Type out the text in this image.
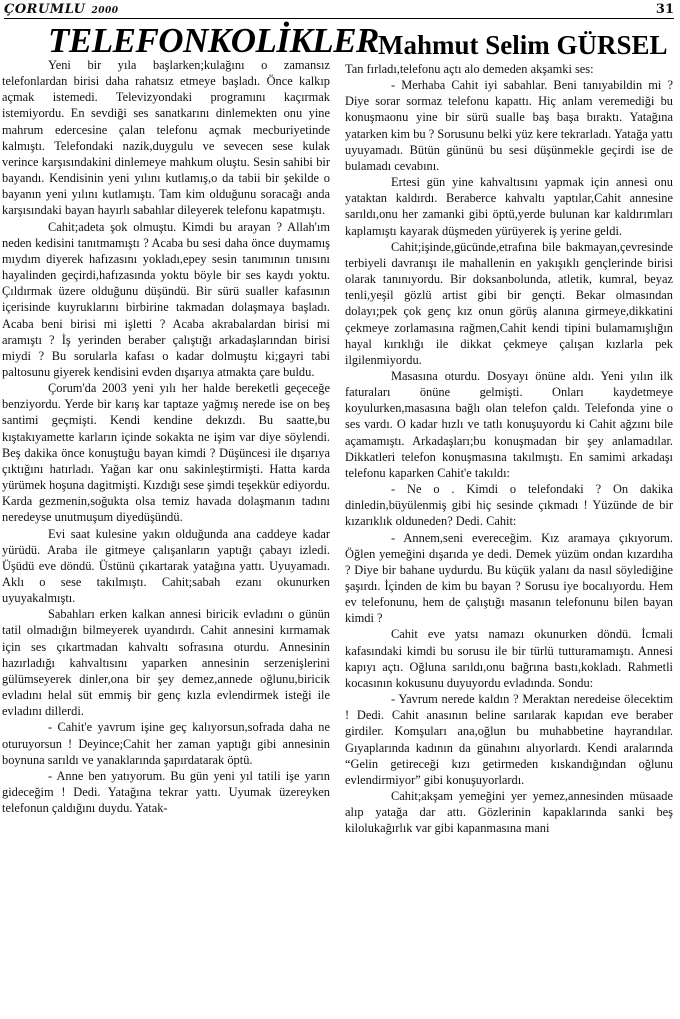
ÇORUMLU 2000	31
TELEFONKOLİKLER Mahmut Selim GÜRSEL

Yeni bir yıla başlarken;kulağını o zamansız telefonlardan birisi daha rahatsız etmeye başladı. Önce kalkıp açmak istemedi. Televizyondaki programını kaçırmak istemiyordu. En sevdiği ses sanatkarını dinlemekten onu yine mahrum edercesine çalan telefonu açmak mecburiyetinde kalmıştı. Telefondaki nazik,duygulu ve sevecen sese kulak verince karşısındakini dinlemeye mahkum oluştu. Sesin sahibi bir bayandı. Kendisinin yeni yılını kutlamış,o da tabii bir şekilde o bayanın yeni yılını kutlamıştı. Tam kim olduğunu soracağı anda karşısındaki bayan hayırlı sabahlar dileyerek telefonu kapatmıştı.

Cahit;adeta şok olmuştu. Kimdi bu arayan ? Allah'ım neden kedisini tanıtmamıştı ? Acaba bu sesi daha önce duymamış mıydım diyerek hafızasını yokladı,epey sesin tanımının tınısını hayalinden geçirdi,hafızasında yoktu böyle bir ses kaydı yoktu. Çıldırmak üzere olduğunu düşündü. Bir sürü sualler kafasının içerisinde kuyruklarını birbirine takmadan dolaşmaya başladı. Acaba beni birisi mi işletti ? Acaba akrabalardan birisi mi aramıştı ? İş yerinden beraber çalıştığı arkadaşlarından birisi miydi ? Bu sorularla kafası o kadar dolmuştu ki;gayri tabi paltosunu giyerek kendisini evden dışarıya atmakta çare buldu.

Çorum'da 2003 yeni yılı her halde bereketli geçeceğe benziyordu. Yerde bir karış kar taptaze yağmış nerede ise on beş santimi geçmişti. Kendi kendine dekızdı. Bu saatte,bu kıştakıyamette karların içinde sokakta ne işim var diye söylendi. Beş dakika önce konuştuğu bayan kimdi ? Düşüncesi ile dışarıya çıktığını hatırladı. Yağan kar onu sakinleştirmişti. Hatta karda yürümek hoşuna dagitmişti. Kızdığı sese şimdi teşekkür ediyordu. Karda gezmenin,soğukta olsa temiz havada dolaşmanın tadını neredeyse unutmuşum diyedüşündü.

Evi saat kulesine yakın olduğunda ana caddeye kadar yürüdü. Araba ile gitmeye çalışanların yaptığı çabayı izledi. Üşüdü eve döndü. Üstünü çıkartarak yatağına yattı. Uyuyamadı. Aklı o sese takılmıştı. Cahit;sabah ezanı okunurken uyuyakalmıştı.

Sabahları erken kalkan annesi biricik evladını o günün tatil olmadığın bilmeyerek uyandırdı. Cahit annesini kırmamak için ses çıkartmadan kahvaltı sofrasına oturdu. Annesinin hazırladığı kahvaltısını yaparken annesinin serzenişlerini gülümseyerek dinler,ona bir şey demez,annede oğlunu,biricik evladını helal süt emmiş bir genç kızla evlendirmek isteği ile evladını dillerdi.

- Cahit'e yavrum işine geç kalıyorsun,sofrada daha ne oturuyorsun ! Deyince;Cahit her zaman yaptığı gibi annesinin boynuna sarıldı ve yanaklarında şapırdatarak öptü.

- Anne ben yatıyorum. Bu gün yeni yıl tatili işe yarın gideceğim ! Dedi. Yatağına tekrar yattı. Uyumak üzereyken telefonun çaldığını duydu. Yatak-

Tan fırladı,telefonu açtı alo demeden akşamki ses:

- Merhaba Cahit iyi sabahlar. Beni tanıyabildin mi ? Diye sorar sormaz telefonu kapattı. Hiç anlam veremediği bu konuşmaonu yine bir sürü sualle baş başa bıraktı. Yatağına yatarken kim bu ? Sorusunu belki yüz kere tekrarladı. Yatağa yattı uyuyamadı. Bütün gününü bu sesi düşünmekle geçirdi ise de bulamadı cevabını.

Ertesi gün yine kahvaltısını yapmak için annesi onu yataktan kaldırdı. Beraberce kahvaltı yaptılar,Cahit annesine sarıldı,onu her zamanki gibi öptü,yerde bulunan kar kaldırımları kaplamıştı kayarak düşmeden yürüyerek iş yerine geldi.

Cahit;işinde,gücünde,etrafına bile bakmayan,çevresinde terbiyeli davranışı ile mahallenin en yakışıklı gençlerinde birisi olarak tanınıyordu. Bir doksanbolunda, atletik, kumral, beyaz tenli,yeşil gözlü artist gibi bir gençti. Bekar olmasından dolayı;pek çok genç kız onun görüş alanına girmeye,dikkatini çekmeye zorlamasına rağmen,Cahit kendi tipini bulamamışlığın hayal kırıklığı ile dikkat çekmeye çalışan kızlarla pek ilgilenmiyordu.

Masasına oturdu. Dosyayı önüne aldı. Yeni yılın ilk faturaları önüne gelmişti. Onları kaydetmeye koyulurken,masasına bağlı olan telefon çaldı. Telefonda yine o ses vardı. O kadar hızlı ve tatlı konuşuyordu ki Cahit ağzını bile açamamıştı. Arkadaşları;bu konuşmadan bir şey anlamadılar. Dikkatleri telefon konuşmasına takılmıştı. En samimi arkadaşı telefonu kaparken Cahit'e takıldı:

- Ne o . Kimdi o telefondaki ? On dakika dinledin,büyülenmiş gibi hiç sesinde çıkmadı ! Yüzünde de bir kızarıklık olduneden? Dedi. Cahit:

- Annem,seni evereceğim. Kız aramaya çıkıyorum. Öğlen yemeğini dışarıda ye dedi. Demek yüzüm ondan kızardıha ? Diye bir bahane uydurdu. Bu küçük yalanı da nasıl söylediğine şaşırdı. İçinden de kim bu bayan ? Sorusu iye bocalıyordu. Hem ev telefonunu, hem de çalıştığı masanın telefonunu bilen bayan kimdi ?

Cahit eve yatsı namazı okunurken döndü. İcmali kafasındaki kimdi bu sorusu ile bir türlü tutturamamıştı. Annesi kapıyı açtı. Oğluna sarıldı,onu bağrına bastı,kokladı. Rahmetli kocasının kokusunu duyuyordu evladında. Sondu:

- Yavrum nerede kaldın ? Meraktan neredeise ölecektim ! Dedi. Cahit anasının beline sarılarak kapıdan eve beraber girdiler. Komşuları ana,oğlun bu muhabbetine hayrandılar. Gıyaplarında kadının da günahını alıyorlardı. Kendi aralarında “Gelin getireceği kızı getirmeden kıskandığından oğlunu evlendirmiyor” gibi konuşuyorlardı.

Cahit;akşam yemeğini yer yemez,annesinden müsaade alıp yatağa dar attı. Gözlerinin kapaklarında sanki beş kilolukağırlık var gibi kapanmasına mani
